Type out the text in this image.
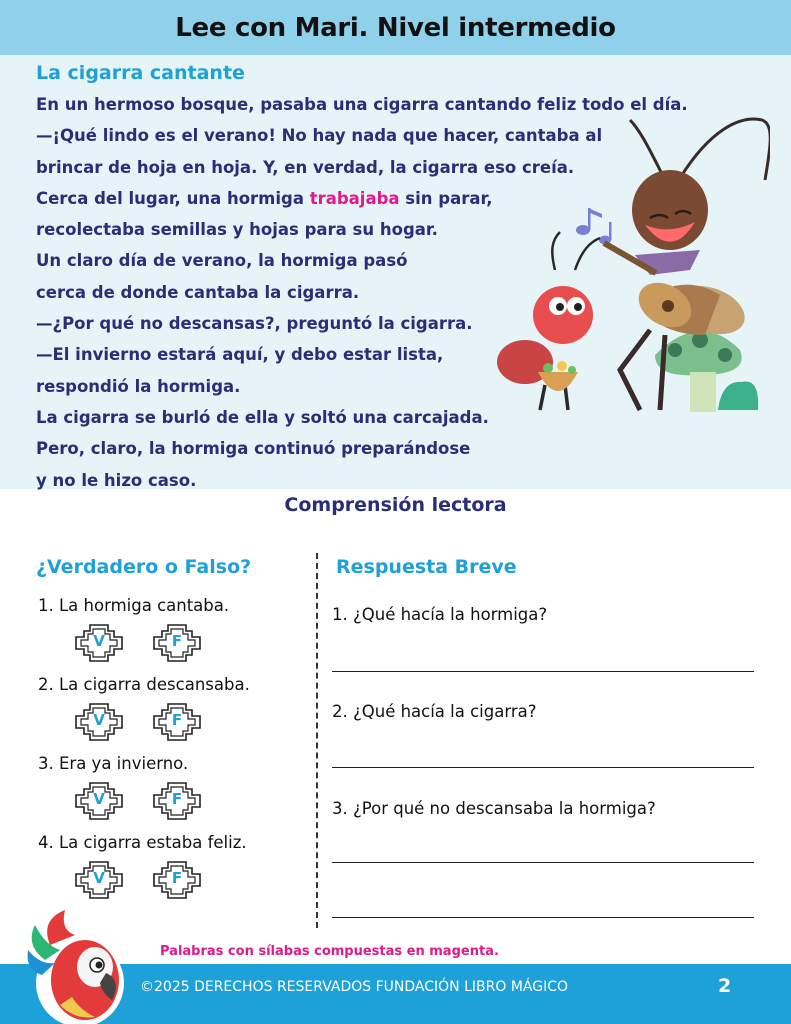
Lee con Mari. Nivel intermedio
La cigarra cantante
En un hermoso bosque, pasaba una cigarra cantando feliz todo el día.
—¡Qué lindo es el verano! No hay nada que hacer, cantaba al
brincar de hoja en hoja. Y, en verdad, la cigarra eso creía.
Cerca del lugar, una hormiga trabajaba sin parar,
recolectaba semillas y hojas para su hogar.
Un claro día de verano, la hormiga pasó
cerca de donde cantaba la cigarra.
—¿Por qué no descansas?, preguntó la cigarra.
—El invierno estará aquí, y debo estar lista,
respondió la hormiga.
La cigarra se burló de ella y soltó una carcajada.
Pero, claro, la hormiga continuó preparándose
y no le hizo caso.
Comprensión lectora
¿Verdadero o Falso?	Respuesta Breve
1. La hormiga cantaba.
V	F
2. La cigarra descansaba.
V	F
3. Era ya invierno.
V	F
4. La cigarra estaba feliz.
V	F
1. ¿Qué hacía la hormiga?
2. ¿Qué hacía la cigarra?
3. ¿Por qué no descansaba la hormiga?
Palabras con sílabas compuestas en magenta.
©2025 DERECHOS RESERVADOS FUNDACIÓN LIBRO MÁGICO	2
